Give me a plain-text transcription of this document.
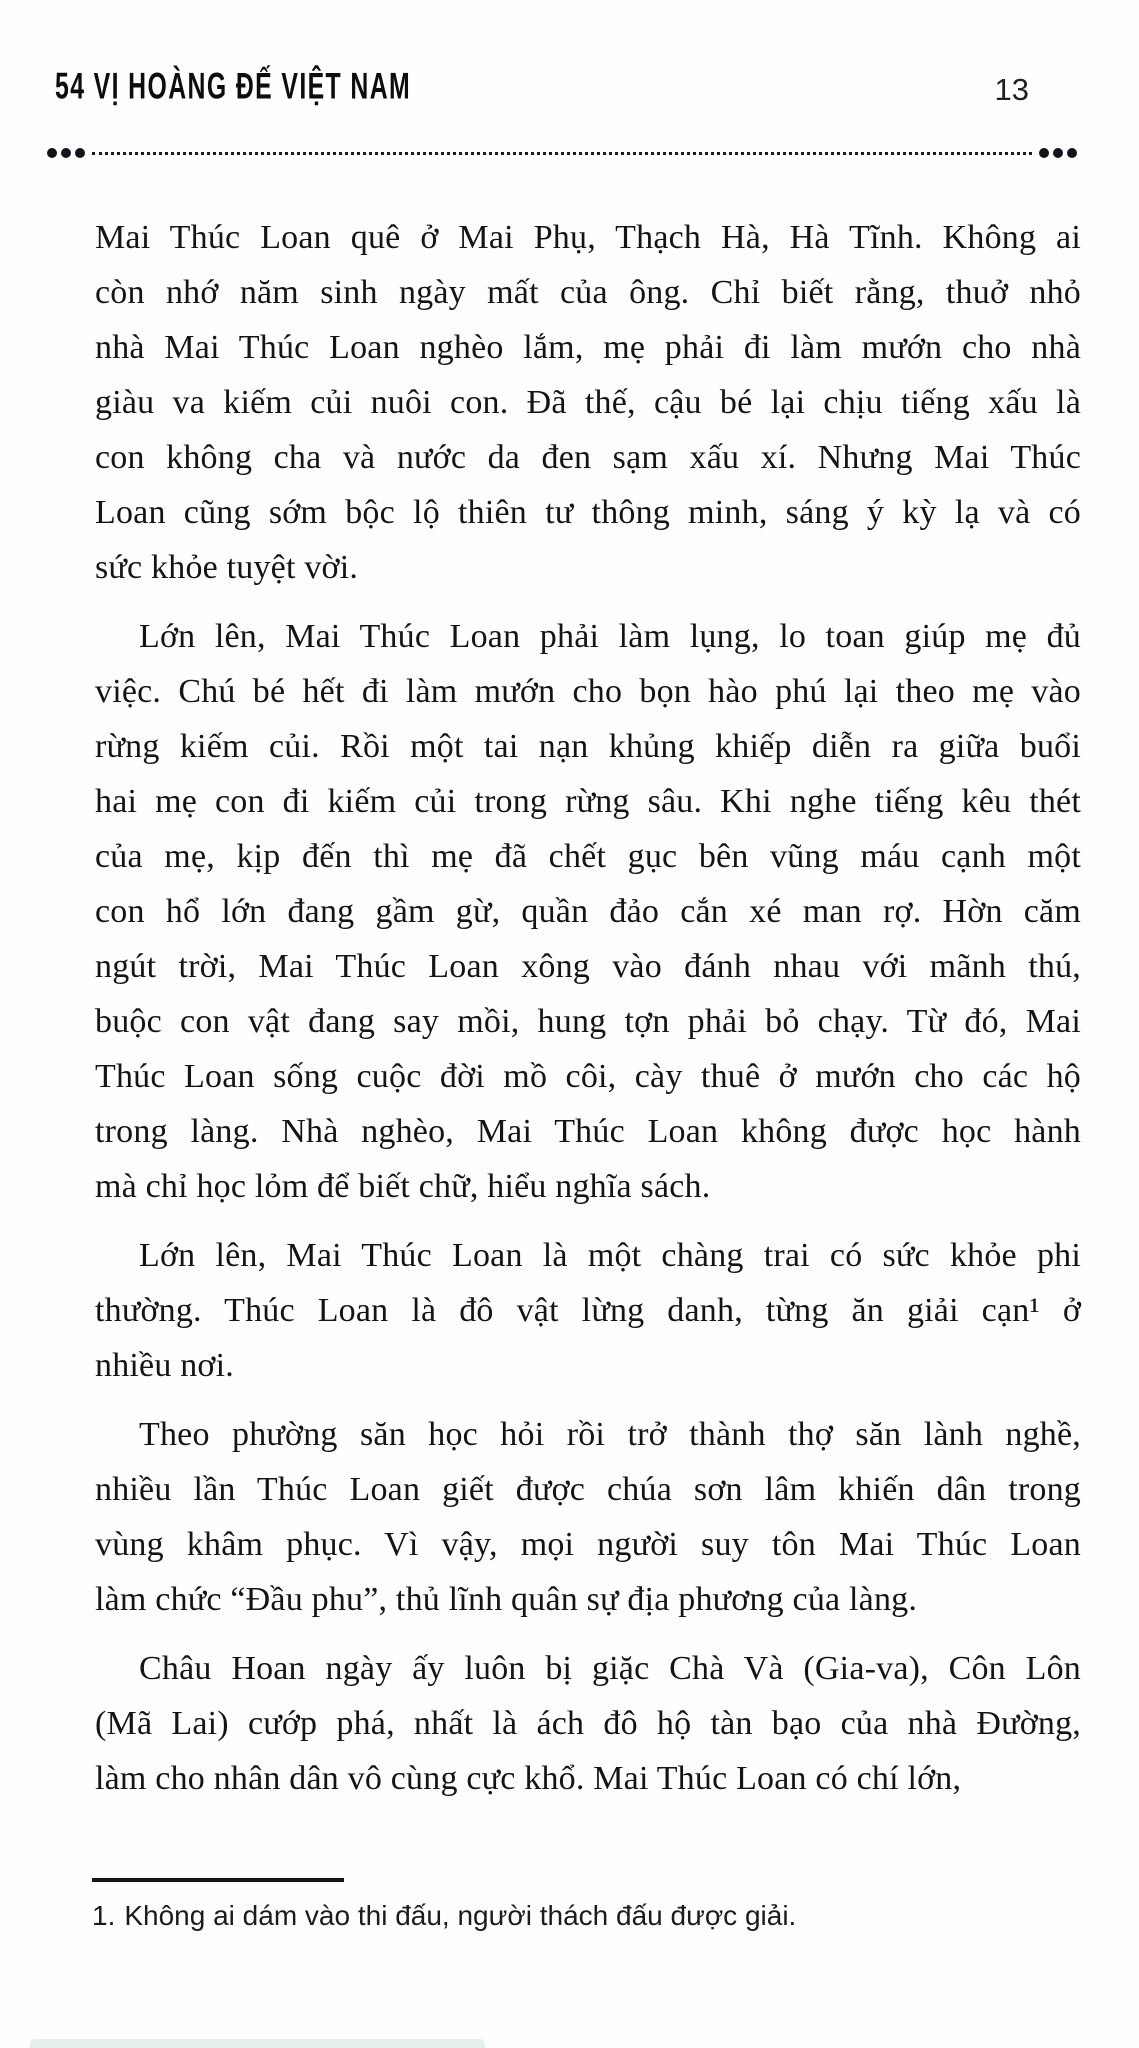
54 VỊ HOÀNG ĐẾ VIỆT NAM	13
Mai Thúc Loan quê ở Mai Phụ, Thạch Hà, Hà Tĩnh. Không ai
còn nhớ năm sinh ngày mất của ông. Chỉ biết rằng, thuở nhỏ
nhà Mai Thúc Loan nghèo lắm, mẹ phải đi làm mướn cho nhà
giàu va kiếm củi nuôi con. Đã thế, cậu bé lại chịu tiếng xấu là
con không cha và nước da đen sạm xấu xí. Nhưng Mai Thúc
Loan cũng sớm bộc lộ thiên tư thông minh, sáng ý kỳ lạ và có
sức khỏe tuyệt vời.
Lớn lên, Mai Thúc Loan phải làm lụng, lo toan giúp mẹ đủ
việc. Chú bé hết đi làm mướn cho bọn hào phú lại theo mẹ vào
rừng kiếm củi. Rồi một tai nạn khủng khiếp diễn ra giữa buổi
hai mẹ con đi kiếm củi trong rừng sâu. Khi nghe tiếng kêu thét
của mẹ, kịp đến thì mẹ đã chết gục bên vũng máu cạnh một
con hổ lớn đang gầm gừ, quần đảo cắn xé man rợ. Hờn căm
ngút trời, Mai Thúc Loan xông vào đánh nhau với mãnh thú,
buộc con vật đang say mồi, hung tợn phải bỏ chạy. Từ đó, Mai
Thúc Loan sống cuộc đời mồ côi, cày thuê ở mướn cho các hộ
trong làng. Nhà nghèo, Mai Thúc Loan không được học hành
mà chỉ học lỏm để biết chữ, hiểu nghĩa sách.
Lớn lên, Mai Thúc Loan là một chàng trai có sức khỏe phi
thường. Thúc Loan là đô vật lừng danh, từng ăn giải cạn¹ ở
nhiều nơi.
Theo phường săn học hỏi rồi trở thành thợ săn lành nghề,
nhiều lần Thúc Loan giết được chúa sơn lâm khiến dân trong
vùng khâm phục. Vì vậy, mọi người suy tôn Mai Thúc Loan
làm chức “Đầu phu”, thủ lĩnh quân sự địa phương của làng.
Châu Hoan ngày ấy luôn bị giặc Chà Và (Gia-va), Côn Lôn
(Mã Lai) cướp phá, nhất là ách đô hộ tàn bạo của nhà Đường,
làm cho nhân dân vô cùng cực khổ. Mai Thúc Loan có chí lớn,
1. Không ai dám vào thi đấu, người thách đấu được giải.
